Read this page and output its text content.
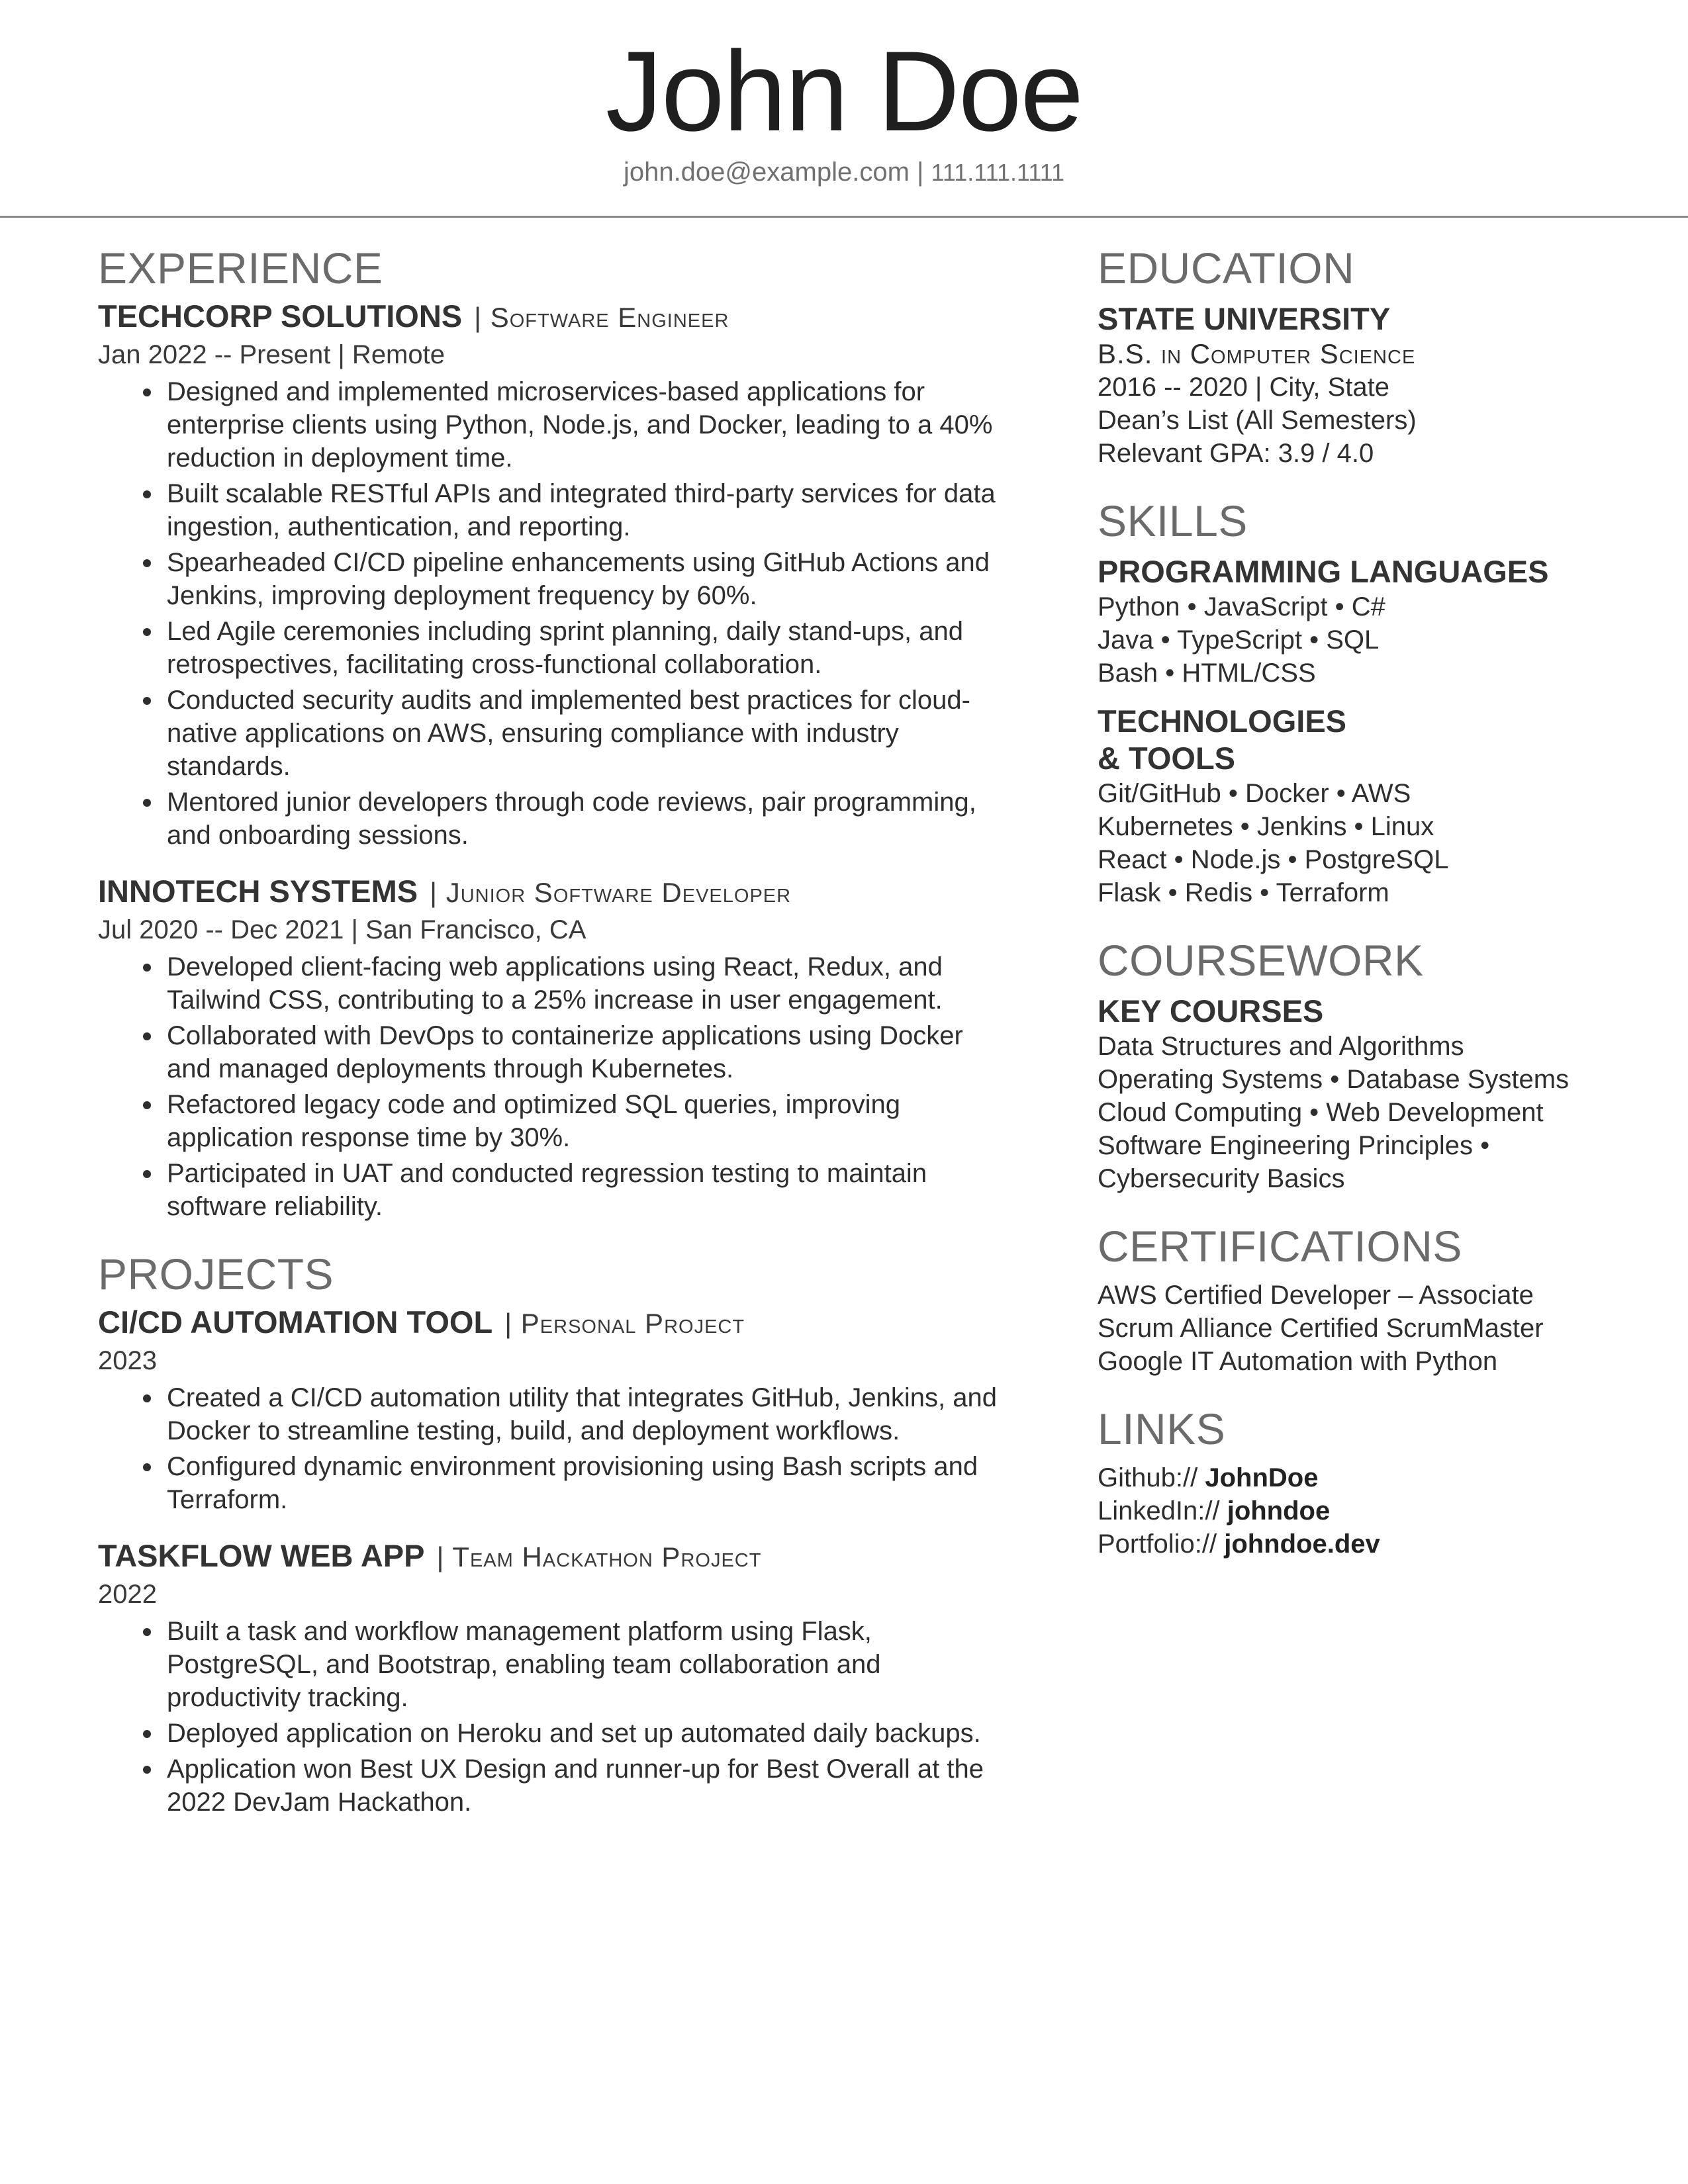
John Doe
john.doe@example.com | 111.111.1111
EXPERIENCE
TECHCORP SOLUTIONS | Software Engineer
Jan 2022 -- Present | Remote
Designed and implemented microservices-based applications for enterprise clients using Python, Node.js, and Docker, leading to a 40% reduction in deployment time.
Built scalable RESTful APIs and integrated third-party services for data ingestion, authentication, and reporting.
Spearheaded CI/CD pipeline enhancements using GitHub Actions and Jenkins, improving deployment frequency by 60%.
Led Agile ceremonies including sprint planning, daily stand-ups, and retrospectives, facilitating cross-functional collaboration.
Conducted security audits and implemented best practices for cloud-native applications on AWS, ensuring compliance with industry standards.
Mentored junior developers through code reviews, pair programming, and onboarding sessions.
INNOTECH SYSTEMS | Junior Software Developer
Jul 2020 -- Dec 2021 | San Francisco, CA
Developed client-facing web applications using React, Redux, and Tailwind CSS, contributing to a 25% increase in user engagement.
Collaborated with DevOps to containerize applications using Docker and managed deployments through Kubernetes.
Refactored legacy code and optimized SQL queries, improving application response time by 30%.
Participated in UAT and conducted regression testing to maintain software reliability.
PROJECTS
CI/CD AUTOMATION TOOL | Personal Project
2023
Created a CI/CD automation utility that integrates GitHub, Jenkins, and Docker to streamline testing, build, and deployment workflows.
Configured dynamic environment provisioning using Bash scripts and Terraform.
TASKFLOW WEB APP | Team Hackathon Project
2022
Built a task and workflow management platform using Flask, PostgreSQL, and Bootstrap, enabling team collaboration and productivity tracking.
Deployed application on Heroku and set up automated daily backups.
Application won Best UX Design and runner-up for Best Overall at the 2022 DevJam Hackathon.
EDUCATION
STATE UNIVERSITY
B.S. in Computer Science
2016 -- 2020 | City, State
Dean’s List (All Semesters)
Relevant GPA: 3.9 / 4.0
SKILLS
PROGRAMMING LANGUAGES
Python • JavaScript • C#
Java • TypeScript • SQL
Bash • HTML/CSS
TECHNOLOGIES
& TOOLS
Git/GitHub • Docker • AWS
Kubernetes • Jenkins • Linux
React • Node.js • PostgreSQL
Flask • Redis • Terraform
COURSEWORK
KEY COURSES
Data Structures and Algorithms
Operating Systems • Database Systems
Cloud Computing • Web Development
Software Engineering Principles •
Cybersecurity Basics
CERTIFICATIONS
AWS Certified Developer – Associate
Scrum Alliance Certified ScrumMaster
Google IT Automation with Python
LINKS
Github:// JohnDoe
LinkedIn:// johndoe
Portfolio:// johndoe.dev
